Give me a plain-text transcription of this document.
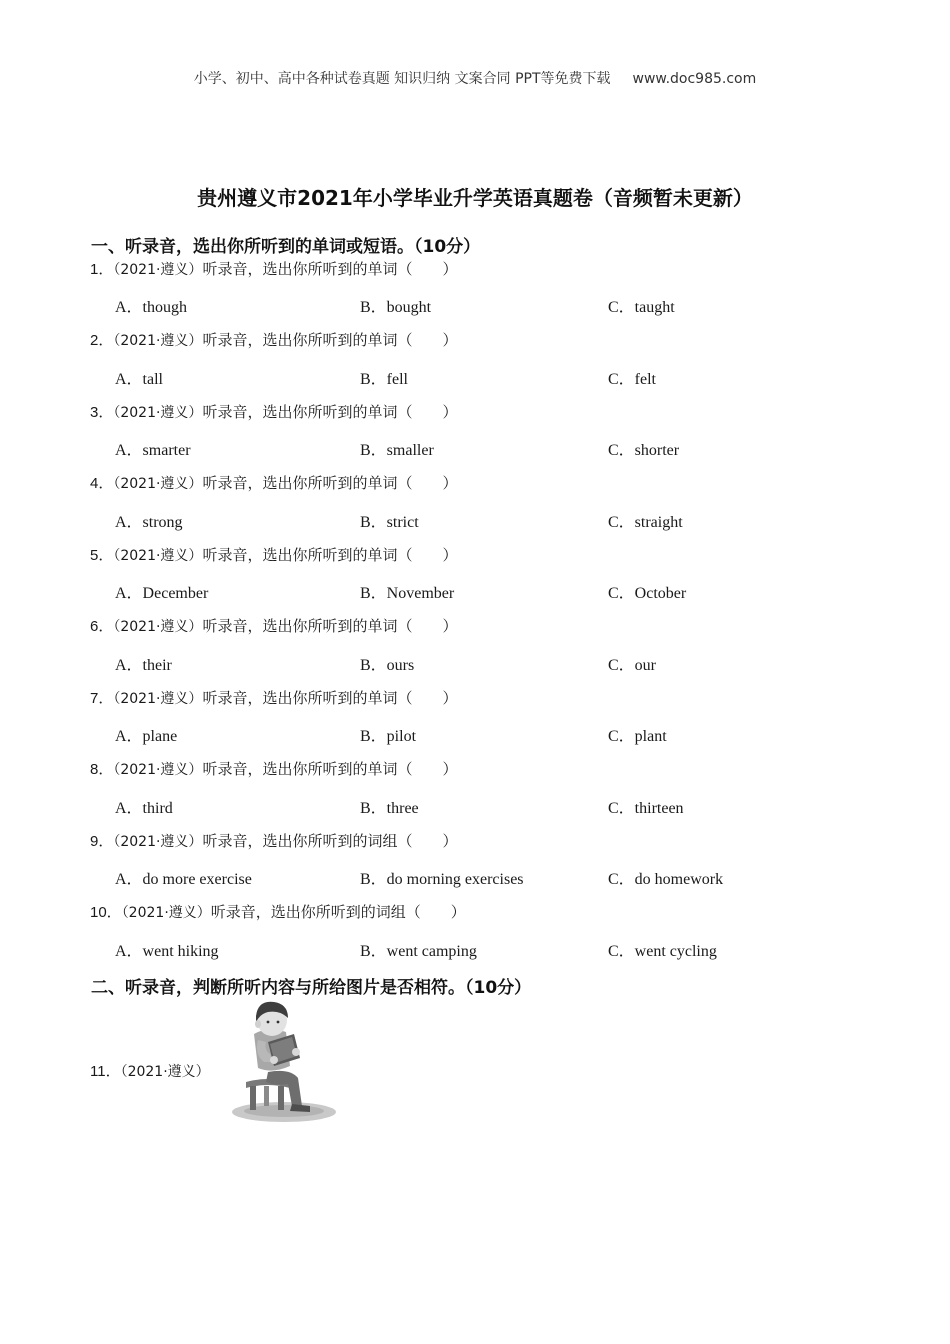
小学、初中、高中各种试卷真题 知识归纳 文案合同 PPT等免费下载 www.doc985.com
贵州遵义市2021年小学毕业升学英语真题卷（音频暂未更新）
一、听录音，选出你所听到的单词或短语。（10分）
1．（2021·遵义）听录音，选出你所听到的单词（　　）
A．though	B．bought	C．taught
2．（2021·遵义）听录音，选出你所听到的单词（　　）
A．tall	B．fell	C．felt
3．（2021·遵义）听录音，选出你所听到的单词（　　）
A．smarter	B．smaller	C．shorter
4．（2021·遵义）听录音，选出你所听到的单词（　　）
A．strong	B．strict	C．straight
5．（2021·遵义）听录音，选出你所听到的单词（　　）
A．December	B．November	C．October
6．（2021·遵义）听录音，选出你所听到的单词（　　）
A．their	B．ours	C．our
7．（2021·遵义）听录音，选出你所听到的单词（　　）
A．plane	B．pilot	C．plant
8．（2021·遵义）听录音，选出你所听到的单词（　　）
A．third	B．three	C．thirteen
9．（2021·遵义）听录音，选出你所听到的词组（　　）
A．do more exercise	B．do morning exercises	C．do homework
10．（2021·遵义）听录音，选出你所听到的词组（　　）
A．went hiking	B．went camping	C．went cycling
二、听录音，判断所听内容与所给图片是否相符。（10分）
11．（2021·遵义）
